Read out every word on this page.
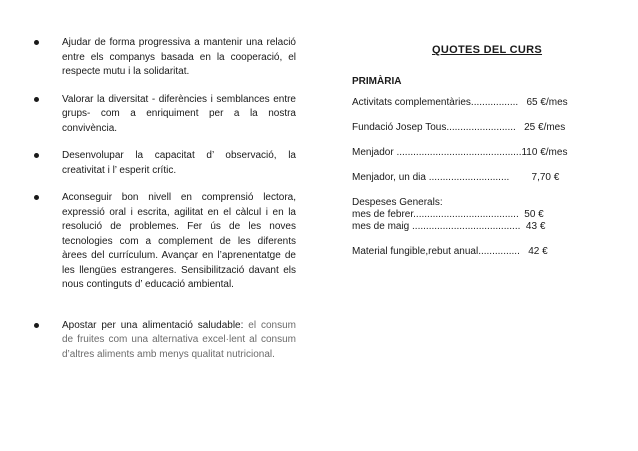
Ajudar de forma progressiva a mantenir una relació entre els companys basada en la cooperació, el respecte mutu i la solidaritat.
Valorar la diversitat - diferències i semblances entre grups- com a enriquiment per a la nostra convivència.
Desenvolupar la capacitat d’ observació, la creativitat i l’ esperit crític.
Aconseguir bon nivell en comprensió lectora, expressió oral i escrita, agilitat en el càlcul i en la resolució de problemes. Fer ús de les noves tecnologies com a complement de les diferents àrees del currículum. Avançar en l’aprenentatge de les llengües estrangeres. Sensibilització davant els nous continguts d’ educació ambiental.
Apostar per una alimentació saludable: el consum de fruites com una alternativa excel·lent al consum d’altres aliments amb menys qualitat nutricional.
QUOTES DEL CURS
PRIMÀRIA
Activitats complementàries.................   65 €/mes
Fundació Josep Tous.........................   25 €/mes
Menjador .............................................110 €/mes
Menjador, un dia .............................        7,70 €
Despeses Generals:
mes de febrer......................................  50 €
mes de maig .......................................  43 €
Material fungible,rebut anual...............   42 €
